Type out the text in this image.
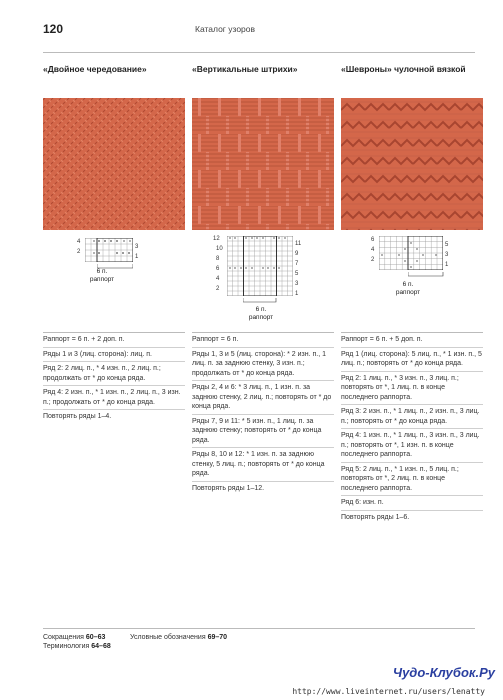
120	Каталог узоров
«Двойное чередование»	«Вертикальные штрихи»	«Шевроны» чулочной вязкой
4
2
3
1
6 п.
раппорт
12
10
8
6
4
2
11
9
7
5
3
1
6 п.
раппорт
6
4
2
5
3
1
6 п.
раппорт
Раппорт = 6 п. + 2 доп. п.
Ряды 1 и 3 (лиц. сторона): лиц. п.
Ряд 2: 2 лиц. п., * 4 изн. п., 2 лиц. п.; продолжать от * до конца ряда.
Ряд 4: 2 изн. п., * 1 изн. п., 2 лиц. п., 3 изн. п.; продолжать от * до конца ряда.
Повторять ряды 1–4.
Раппорт = 6 п.
Ряды 1, 3 и 5 (лиц. сторона): * 2 изн. п., 1 лиц. п. за заднюю стенку, 3 изн. п.; продолжать от * до конца ряда.
Ряды 2, 4 и 6: * 3 лиц. п., 1 изн. п. за заднюю стенку, 2 лиц. п.; повторять от * до конца ряда.
Ряды 7, 9 и 11: * 5 изн. п., 1 лиц. п. за заднюю стенку; повторять от * до конца ряда.
Ряды 8, 10 и 12: * 1 изн. п. за заднюю стенку, 5 лиц. п.; повторять от * до конца ряда.
Повторять ряды 1–12.
Раппорт = 6 п. + 5 доп. п.
Ряд 1 (лиц. сторона): 5 лиц. п., * 1 изн. п., 5 лиц. п.; повторять от * до конца ряда.
Ряд 2: 1 лиц. п., * 3 изн. п., 3 лиц. п.; повторять от *, 1 лиц. п. в конце последнего раппорта.
Ряд 3: 2 изн. п., * 1 лиц. п., 2 изн. п., 3 лиц. п.; повторять от * до конца ряда.
Ряд 4: 1 изн. п., * 1 лиц. п., 3 изн. п., 3 лиц. п.; повторять от *, 1 изн. п. в конце последнего раппорта.
Ряд 5: 2 лиц. п., * 1 изн. п., 5 лиц. п.; повторять от *, 2 лиц. п. в конце последнего раппорта.
Ряд 6: изн. п.
Повторять ряды 1–6.
Сокращения 60–63
Терминология 64–68
Условные обозначения 69–70
Чудо-Клубок.Ру
http://www.liveinternet.ru/users/lenatty
